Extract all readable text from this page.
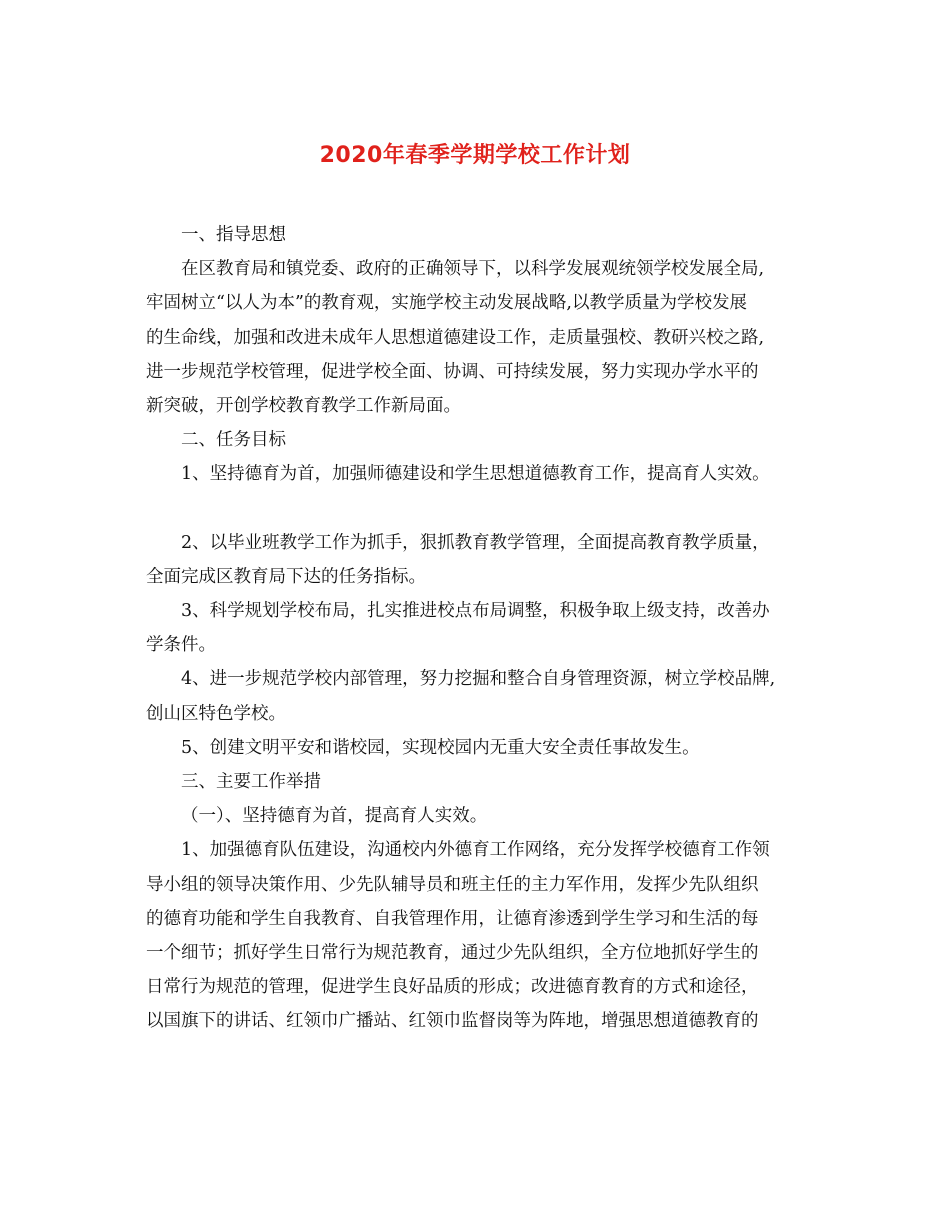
2020年春季学期学校工作计划

一、指导思想

在区教育局和镇党委、政府的正确领导下，以科学发展观统领学校发展全局,

牢固树立“以人为本”的教育观，实施学校主动发展战略,以教学质量为学校发展

的生命线，加强和改进未成年人思想道德建设工作，走质量强校、教研兴校之路,

进一步规范学校管理，促进学校全面、协调、可持续发展，努力实现办学水平的

新突破，开创学校教育教学工作新局面。

二、任务目标

1、坚持德育为首，加强师德建设和学生思想道德教育工作，提高育人实效。

2、以毕业班教学工作为抓手，狠抓教育教学管理，全面提高教育教学质量，

全面完成区教育局下达的任务指标。

3、科学规划学校布局，扎实推进校点布局调整，积极争取上级支持，改善办

学条件。

4、进一步规范学校内部管理，努力挖掘和整合自身管理资源，树立学校品牌,

创山区特色学校。

5、创建文明平安和谐校园，实现校园内无重大安全责任事故发生。

三、主要工作举措

（一）、坚持德育为首，提高育人实效。

1、加强德育队伍建设，沟通校内外德育工作网络，充分发挥学校德育工作领

导小组的领导决策作用、少先队辅导员和班主任的主力军作用，发挥少先队组织

的德育功能和学生自我教育、自我管理作用，让德育渗透到学生学习和生活的每

一个细节；抓好学生日常行为规范教育，通过少先队组织，全方位地抓好学生的

日常行为规范的管理，促进学生良好品质的形成；改进德育教育的方式和途径，

以国旗下的讲话、红领巾广播站、红领巾监督岗等为阵地，增强思想道德教育的
